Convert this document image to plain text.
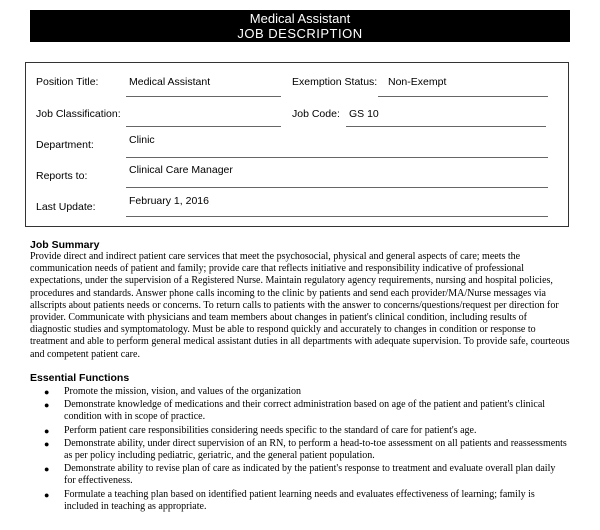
Medical Assistant
JOB DESCRIPTION
Position Title:	Medical Assistant	Exemption Status: Non-Exempt
Job Classification:	Job Code: GS 10
Department:	Clinic
Reports to:	Clinical Care Manager
Last Update:	February 1, 2016
Job Summary
Provide direct and indirect patient care services that meet the psychosocial, physical and general aspects of care; meets the
communication needs of patient and family; provide care that reflects initiative and responsibility indicative of professional
expectations, under the supervision of a Registered Nurse. Maintain regulatory agency requirements, nursing and hospital policies,
procedures and standards. Answer phone calls incoming to the clinic by patients and send each provider/MA/Nurse messages via
allscripts about patients needs or concerns. To return calls to patients with the answer to concerns/questions/request per direction for
provider. Communicate with physicians and team members about changes in patient's clinical condition, including results of
diagnostic studies and symptomatology. Must be able to respond quickly and accurately to changes in condition or response to
treatment and able to perform general medical assistant duties in all departments with adequate supervision. To provide safe, courteous
and competent patient care.
Essential Functions
● Promote the mission, vision, and values of the organization
● Demonstrate knowledge of medications and their correct administration based on age of the patient and patient's clinical
condition with in scope of practice.
● Perform patient care responsibilities considering needs specific to the standard of care for patient's age.
● Demonstrate ability, under direct supervision of an RN, to perform a head-to-toe assessment on all patients and reassessments
as per policy including pediatric, geriatric, and the general patient population.
● Demonstrate ability to revise plan of care as indicated by the patient's response to treatment and evaluate overall plan daily
for effectiveness.
● Formulate a teaching plan based on identified patient learning needs and evaluates effectiveness of learning; family is
included in teaching as appropriate.
